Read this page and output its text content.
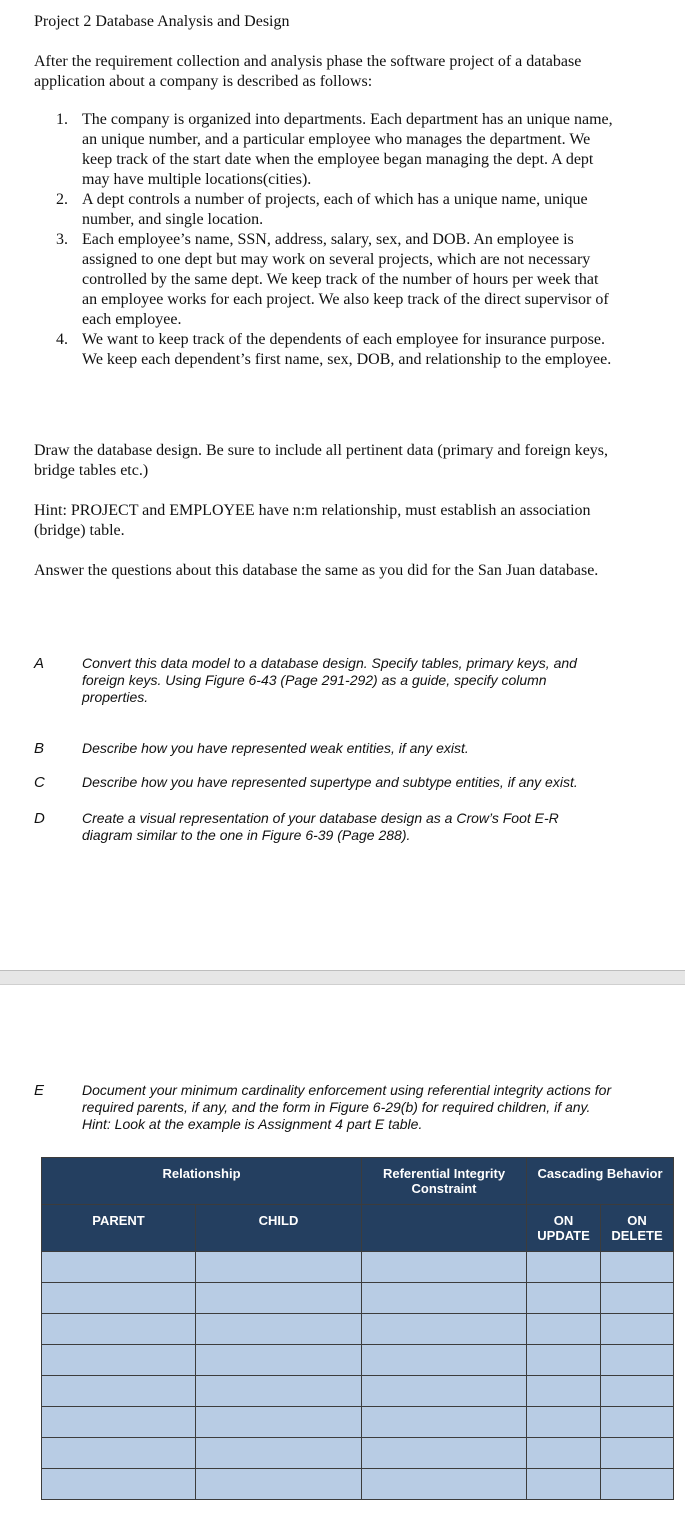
Project 2 Database Analysis and Design

After the requirement collection and analysis phase the software project of a database application about a company is described as follows:

1. The company is organized into departments. Each department has an unique name, an unique number, and a particular employee who manages the department. We keep track of the start date when the employee began managing the dept. A dept may have multiple locations(cities).
2. A dept controls a number of projects, each of which has a unique name, unique number, and single location.
3. Each employee’s name, SSN, address, salary, sex, and DOB. An employee is assigned to one dept but may work on several projects, which are not necessary controlled by the same dept. We keep track of the number of hours per week that an employee works for each project. We also keep track of the direct supervisor of each employee.
4. We want to keep track of the dependents of each employee for insurance purpose. We keep each dependent’s first name, sex, DOB, and relationship to the employee.

Draw the database design. Be sure to include all pertinent data (primary and foreign keys, bridge tables etc.)

Hint: PROJECT and EMPLOYEE have n:m relationship, must establish an association (bridge) table.

Answer the questions about this database the same as you did for the San Juan database.

A	Convert this data model to a database design. Specify tables, primary keys, and foreign keys. Using Figure 6-43 (Page 291-292) as a guide, specify column properties.
B	Describe how you have represented weak entities, if any exist.
C	Describe how you have represented supertype and subtype entities, if any exist.
D	Create a visual representation of your database design as a Crow’s Foot E-R diagram similar to the one in Figure 6-39 (Page 288).
E	Document your minimum cardinality enforcement using referential integrity actions for required parents, if any, and the form in Figure 6-29(b) for required children, if any. Hint: Look at the example is Assignment 4 part E table.
Relationship		Referential Integrity Constraint	Cascading Behavior	
PARENT	CHILD		ON UPDATE	ON DELETE
